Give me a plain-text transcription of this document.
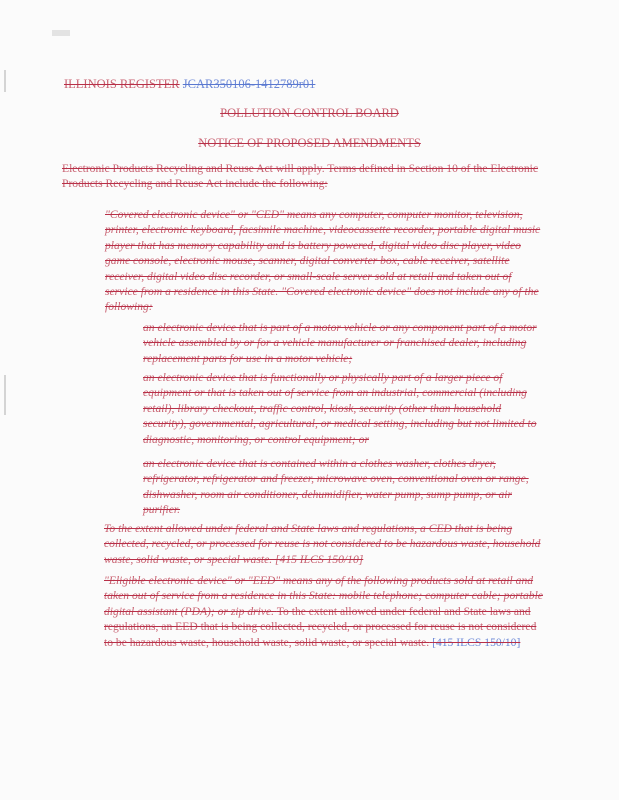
ILLINOIS REGISTER JCAR350106-1412789r01
POLLUTION CONTROL BOARD
NOTICE OF PROPOSED AMENDMENTS
Electronic Products Recycling and Reuse Act will apply. Terms defined in Section 10 of the Electronic Products Recycling and Reuse Act include the following:
"Covered electronic device" or "CED" means any computer, computer monitor, television, printer, electronic keyboard, facsimile machine, videocassette recorder, portable digital music player that has memory capability and is battery powered, digital video disc player, video game console, electronic mouse, scanner, digital converter box, cable receiver, satellite receiver, digital video disc recorder, or small-scale server sold at retail and taken out of service from a residence in this State. "Covered electronic device" does not include any of the following:
an electronic device that is part of a motor vehicle or any component part of a motor vehicle assembled by or for a vehicle manufacturer or franchised dealer, including replacement parts for use in a motor vehicle;
an electronic device that is functionally or physically part of a larger piece of equipment or that is taken out of service from an industrial, commercial (including retail), library checkout, traffic control, kiosk, security (other than household security), governmental, agricultural, or medical setting, including but not limited to diagnostic, monitoring, or control equipment; or
an electronic device that is contained within a clothes washer, clothes dryer, refrigerator, refrigerator and freezer, microwave oven, conventional oven or range, dishwasher, room air conditioner, dehumidifier, water pump, sump pump, or air purifier.
To the extent allowed under federal and State laws and regulations, a CED that is being collected, recycled, or processed for reuse is not considered to be hazardous waste, household waste, solid waste, or special waste. [415 ILCS 150/10]
"Eligible electronic device" or "EED" means any of the following products sold at retail and taken out of service from a residence in this State: mobile telephone; computer cable; portable digital assistant (PDA); or zip drive. To the extent allowed under federal and State laws and regulations, an EED that is being collected, recycled, or processed for reuse is not considered to be hazardous waste, household waste, solid waste, or special waste. [415 ILCS 150/10]
